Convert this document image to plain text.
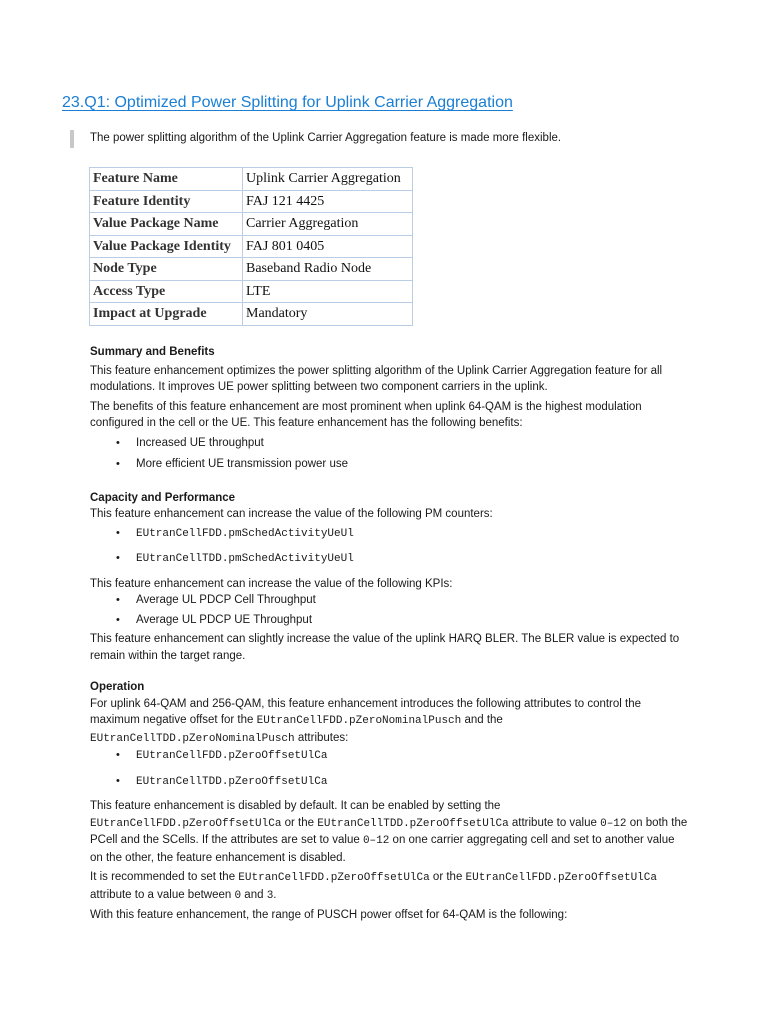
23.Q1: Optimized Power Splitting for Uplink Carrier Aggregation

The power splitting algorithm of the Uplink Carrier Aggregation feature is made more flexible.

Feature Name	Uplink Carrier Aggregation
Feature Identity	FAJ 121 4425
Value Package Name	Carrier Aggregation
Value Package Identity	FAJ 801 0405
Node Type	Baseband Radio Node
Access Type	LTE
Impact at Upgrade	Mandatory
Summary and Benefits

This feature enhancement optimizes the power splitting algorithm of the Uplink Carrier Aggregation feature for all modulations. It improves UE power splitting between two component carriers in the uplink.

The benefits of this feature enhancement are most prominent when uplink 64-QAM is the highest modulation configured in the cell or the UE. This feature enhancement has the following benefits:

• Increased UE throughput
• More efficient UE transmission power use
Capacity and Performance

This feature enhancement can increase the value of the following PM counters:

• EUtranCellFDD.pmSchedActivityUeUl
• EUtranCellTDD.pmSchedActivityUeUl

This feature enhancement can increase the value of the following KPIs:

• Average UL PDCP Cell Throughput
• Average UL PDCP UE Throughput

This feature enhancement can slightly increase the value of the uplink HARQ BLER. The BLER value is expected to remain within the target range.

Operation

For uplink 64-QAM and 256-QAM, this feature enhancement introduces the following attributes to control the maximum negative offset for the EUtranCellFDD.pZeroNominalPusch and the EUtranCellTDD.pZeroNominalPusch attributes:

• EUtranCellFDD.pZeroOffsetUlCa
• EUtranCellTDD.pZeroOffsetUlCa

This feature enhancement is disabled by default. It can be enabled by setting the EUtranCellFDD.pZeroOffsetUlCa or the EUtranCellTDD.pZeroOffsetUlCa attribute to value 0–12 on both the PCell and the SCells. If the attributes are set to value 0–12 on one carrier aggregating cell and set to another value on the other, the feature enhancement is disabled.

It is recommended to set the EUtranCellFDD.pZeroOffsetUlCa or the EUtranCellFDD.pZeroOffsetUlCa attribute to a value between 0 and 3.

With this feature enhancement, the range of PUSCH power offset for 64-QAM is the following:
